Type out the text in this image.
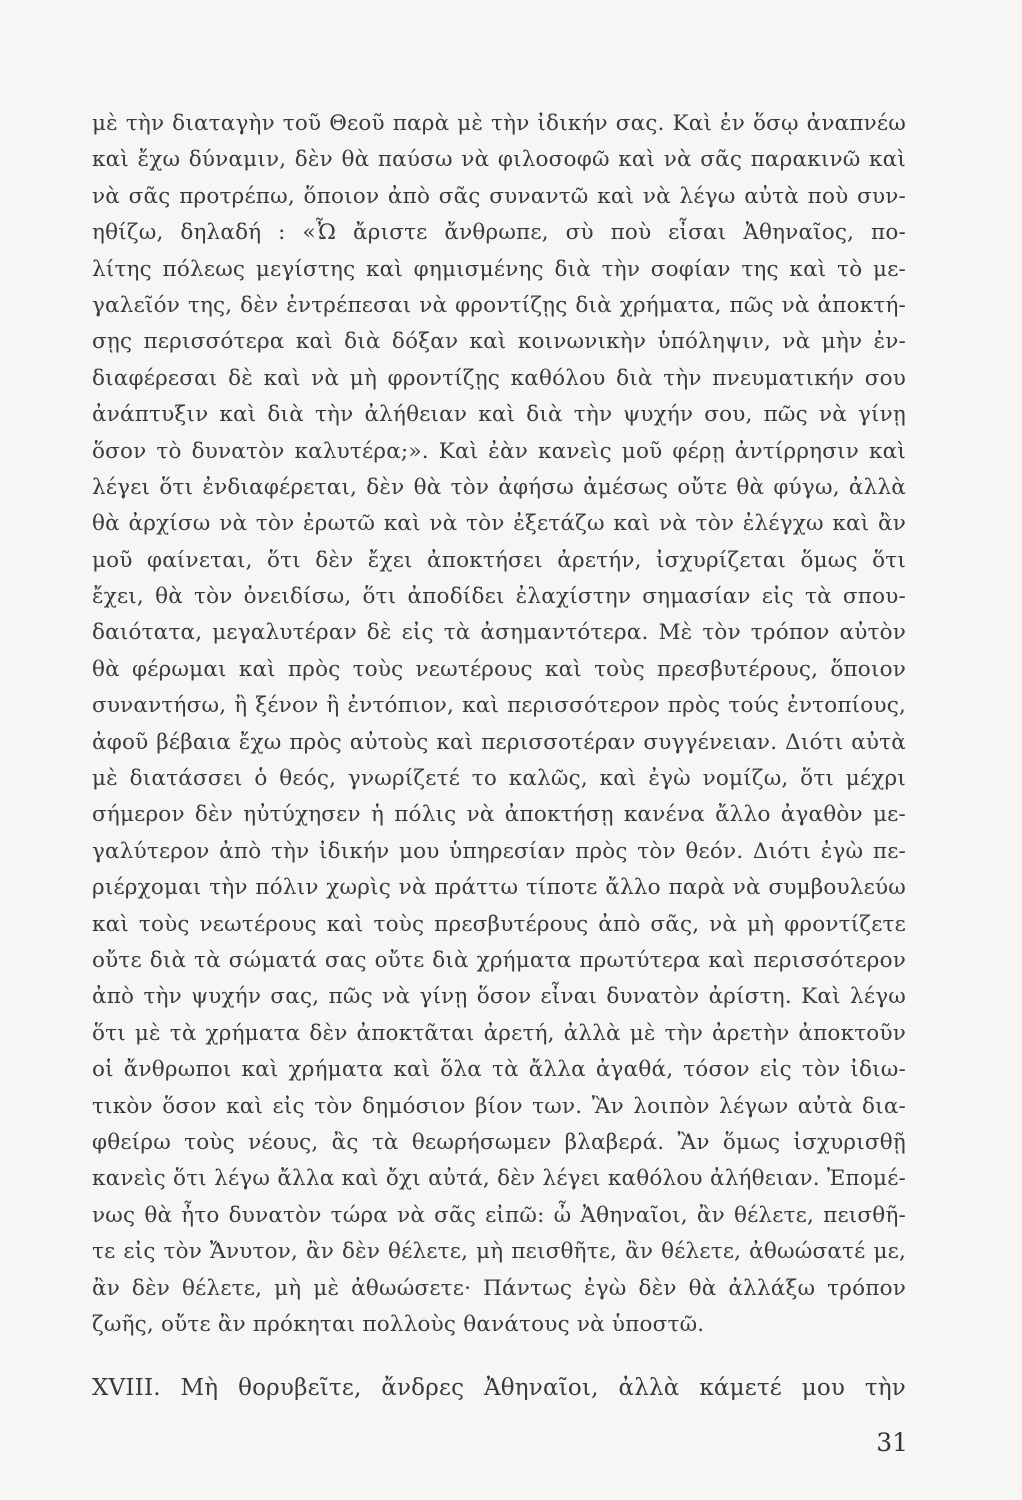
μὲ τὴν διαταγὴν τοῦ Θεοῦ παρὰ μὲ τὴν ἰδικήν σας. Καὶ ἐν ὅσῳ ἀναπνέω
καὶ ἔχω δύναμιν, δὲν θὰ παύσω νὰ φιλοσοφῶ καὶ νὰ σᾶς παρακινῶ καὶ
νὰ σᾶς προτρέπω, ὅποιον ἀπὸ σᾶς συναντῶ καὶ νὰ λέγω αὐτὰ ποὺ συν-
ηθίζω, δηλαδή : «Ὦ ἄριστε ἄνθρωπε, σὺ ποὺ εἶσαι Ἀθηναῖος, πο-
λίτης πόλεως μεγίστης καὶ φημισμένης διὰ τὴν σοφίαν της καὶ τὸ με-
γαλεῖόν της, δὲν ἐντρέπεσαι νὰ φροντίζῃς διὰ χρήματα, πῶς νὰ ἀποκτή-
σῃς περισσότερα καὶ διὰ δόξαν καὶ κοινωνικὴν ὑπόληψιν, νὰ μὴν ἐν-
διαφέρεσαι δὲ καὶ νὰ μὴ φροντίζῃς καθόλου διὰ τὴν πνευματικήν σου
ἀνάπτυξιν καὶ διὰ τὴν ἀλήθειαν καὶ διὰ τὴν ψυχήν σου, πῶς νὰ γίνῃ
ὅσον τὸ δυνατὸν καλυτέρα;». Καὶ ἐὰν κανεὶς μοῦ φέρῃ ἀντίρρησιν καὶ
λέγει ὅτι ἐνδιαφέρεται, δὲν θὰ τὸν ἀφήσω ἀμέσως οὔτε θὰ φύγω, ἀλλὰ
θὰ ἀρχίσω νὰ τὸν ἐρωτῶ καὶ νὰ τὸν ἐξετάζω καὶ νὰ τὸν ἐλέγχω καὶ ἂν
μοῦ φαίνεται, ὅτι δὲν ἔχει ἀποκτήσει ἀρετήν, ἰσχυρίζεται ὅμως ὅτι
ἔχει, θὰ τὸν ὀνειδίσω, ὅτι ἀποδίδει ἐλαχίστην σημασίαν εἰς τὰ σπου-
δαιότατα, μεγαλυτέραν δὲ εἰς τὰ ἀσημαντότερα. Μὲ τὸν τρόπον αὐτὸν
θὰ φέρωμαι καὶ πρὸς τοὺς νεωτέρους καὶ τοὺς πρεσβυτέρους, ὅποιον
συναντήσω, ἢ ξένον ἢ ἐντόπιον, καὶ περισσότερον πρὸς τούς ἐντοπίους,
ἀφοῦ βέβαια ἔχω πρὸς αὐτοὺς καὶ περισσοτέραν συγγένειαν. Διότι αὐτὰ
μὲ διατάσσει ὁ θεός, γνωρίζετέ το καλῶς, καὶ ἐγὼ νομίζω, ὅτι μέχρι
σήμερον δὲν ηὐτύχησεν ἡ πόλις νὰ ἀποκτήσῃ κανένα ἄλλο ἀγαθὸν με-
γαλύτερον ἀπὸ τὴν ἰδικήν μου ὑπηρεσίαν πρὸς τὸν θεόν. Διότι ἐγὼ πε-
ριέρχομαι τὴν πόλιν χωρὶς νὰ πράττω τίποτε ἄλλο παρὰ νὰ συμβουλεύω
καὶ τοὺς νεωτέρους καὶ τοὺς πρεσβυτέρους ἀπὸ σᾶς, νὰ μὴ φροντίζετε
οὔτε διὰ τὰ σώματά σας οὔτε διὰ χρήματα πρωτύτερα καὶ περισσότερον
ἀπὸ τὴν ψυχήν σας, πῶς νὰ γίνῃ ὅσον εἶναι δυνατὸν ἀρίστη. Καὶ λέγω
ὅτι μὲ τὰ χρήματα δὲν ἀποκτᾶται ἀρετή, ἀλλὰ μὲ τὴν ἀρετὴν ἀποκτοῦν
οἱ ἄνθρωποι καὶ χρήματα καὶ ὅλα τὰ ἄλλα ἀγαθά, τόσον εἰς τὸν ἰδιω-
τικὸν ὅσον καὶ εἰς τὸν δημόσιον βίον των. Ἂν λοιπὸν λέγων αὐτὰ δια-
φθείρω τοὺς νέους, ἂς τὰ θεωρήσωμεν βλαβερά. Ἂν ὅμως ἰσχυρισθῇ
κανεὶς ὅτι λέγω ἄλλα καὶ ὄχι αὐτά, δὲν λέγει καθόλου ἀλήθειαν. Ἐπομέ-
νως θὰ ἦτο δυνατὸν τώρα νὰ σᾶς εἰπῶ: ὦ Ἀθηναῖοι, ἂν θέλετε, πεισθῆ-
τε εἰς τὸν Ἄνυτον, ἂν δὲν θέλετε, μὴ πεισθῆτε, ἂν θέλετε, ἀθωώσατέ με,
ἂν δὲν θέλετε, μὴ μὲ ἀθωώσετε· Πάντως ἐγὼ δὲν θὰ ἀλλάξω τρόπον
ζωῆς, οὔτε ἂν πρόκηται πολλοὺς θανάτους νὰ ὑποστῶ.
XVIII. Μὴ θορυβεῖτε, ἄνδρες Ἀθηναῖοι, ἀλλὰ κάμετέ μου τὴν
31
